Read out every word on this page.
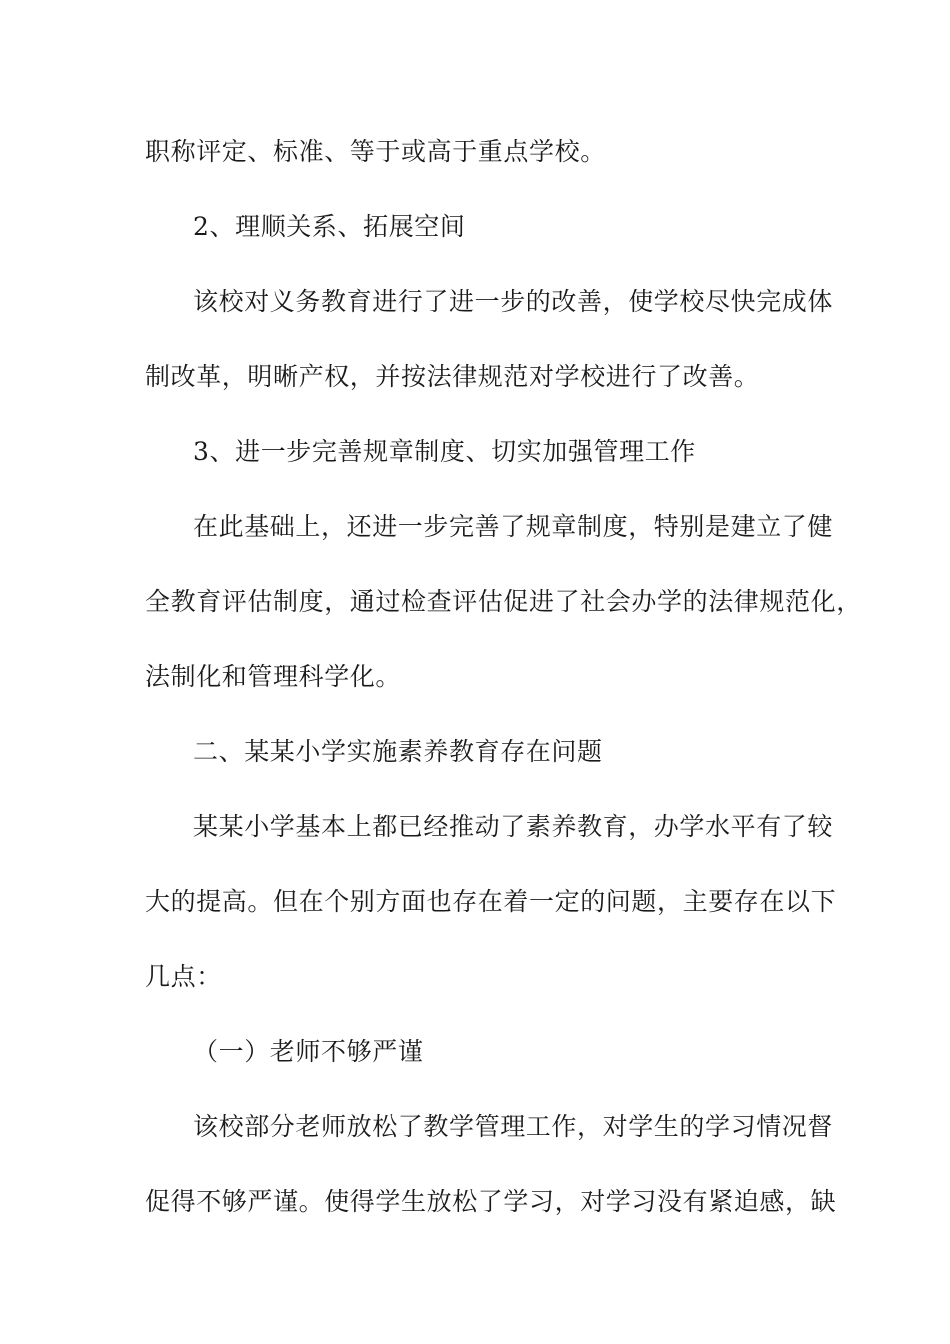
职称评定、标准、等于或高于重点学校。
2、理顺关系、拓展空间
该校对义务教育进行了进一步的改善，使学校尽快完成体
制改革，明晰产权，并按法律规范对学校进行了改善。
3、进一步完善规章制度、切实加强管理工作
在此基础上，还进一步完善了规章制度，特别是建立了健
全教育评估制度，通过检查评估促进了社会办学的法律规范化，
法制化和管理科学化。
二、某某小学实施素养教育存在问题
某某小学基本上都已经推动了素养教育，办学水平有了较
大的提高。但在个别方面也存在着一定的问题，主要存在以下
几点：
（一）老师不够严谨
该校部分老师放松了教学管理工作，对学生的学习情况督
促得不够严谨。使得学生放松了学习，对学习没有紧迫感，缺
